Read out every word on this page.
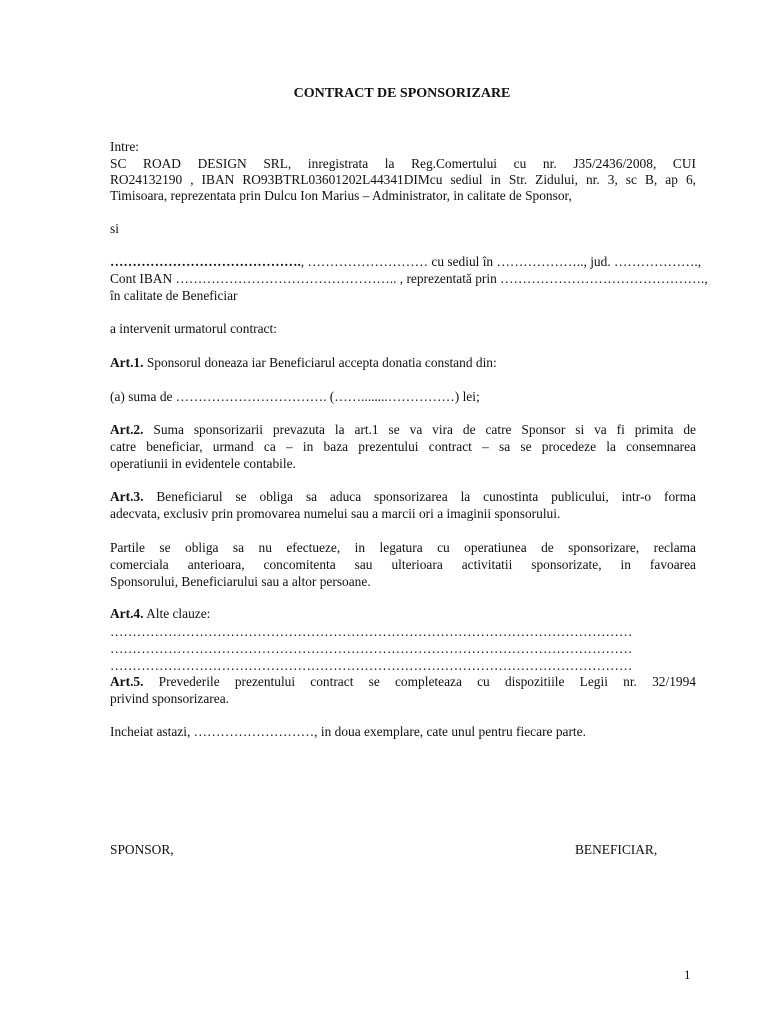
CONTRACT DE SPONSORIZARE
Intre:
SC ROAD DESIGN SRL, inregistrata la Reg.Comertului cu nr. J35/2436/2008, CUI
RO24132190 , IBAN RO93BTRL03601202L44341DIMcu sediul in Str. Zidului, nr. 3, sc B, ap 6,
Timisoara, reprezentata prin Dulcu Ion Marius – Administrator, in calitate de Sponsor,
si
……………………………………., ……………………… cu sediul în ……………….., jud. ……………….,
Cont IBAN ………………………………………….. , reprezentată prin ……………………………………….,
în calitate de Beneficiar
a intervenit urmatorul contract:
Art.1. Sponsorul doneaza iar Beneficiarul accepta donatia constand din:
(a) suma de ……………………………. (……........……………) lei;
Art.2. Suma sponsorizarii prevazuta la art.1 se va vira de catre Sponsor si va fi primita de
catre beneficiar, urmand ca – in baza prezentului contract – sa se procedeze la consemnarea
operatiunii in evidentele contabile.
Art.3. Beneficiarul se obliga sa aduca sponsorizarea la cunostinta publicului, intr-o forma
adecvata, exclusiv prin promovarea numelui sau a marcii ori a imaginii sponsorului.
Partile se obliga sa nu efectueze, in legatura cu operatiunea de sponsorizare, reclama
comerciala anterioara, concomitenta sau ulterioara activitatii sponsorizate, in favoarea
Sponsorului, Beneficiarului sau a altor persoane.
Art.4. Alte clauze:
………………………………………………………………………………………………………
………………………………………………………………………………………………………
………………………………………………………………………………………………………
Art.5. Prevederile prezentului contract se completeaza cu dispozitiile Legii nr. 32/1994
privind sponsorizarea.
Incheiat astazi, ………………………, in doua exemplare, cate unul pentru fiecare parte.
SPONSOR,	BENEFICIAR,
1
